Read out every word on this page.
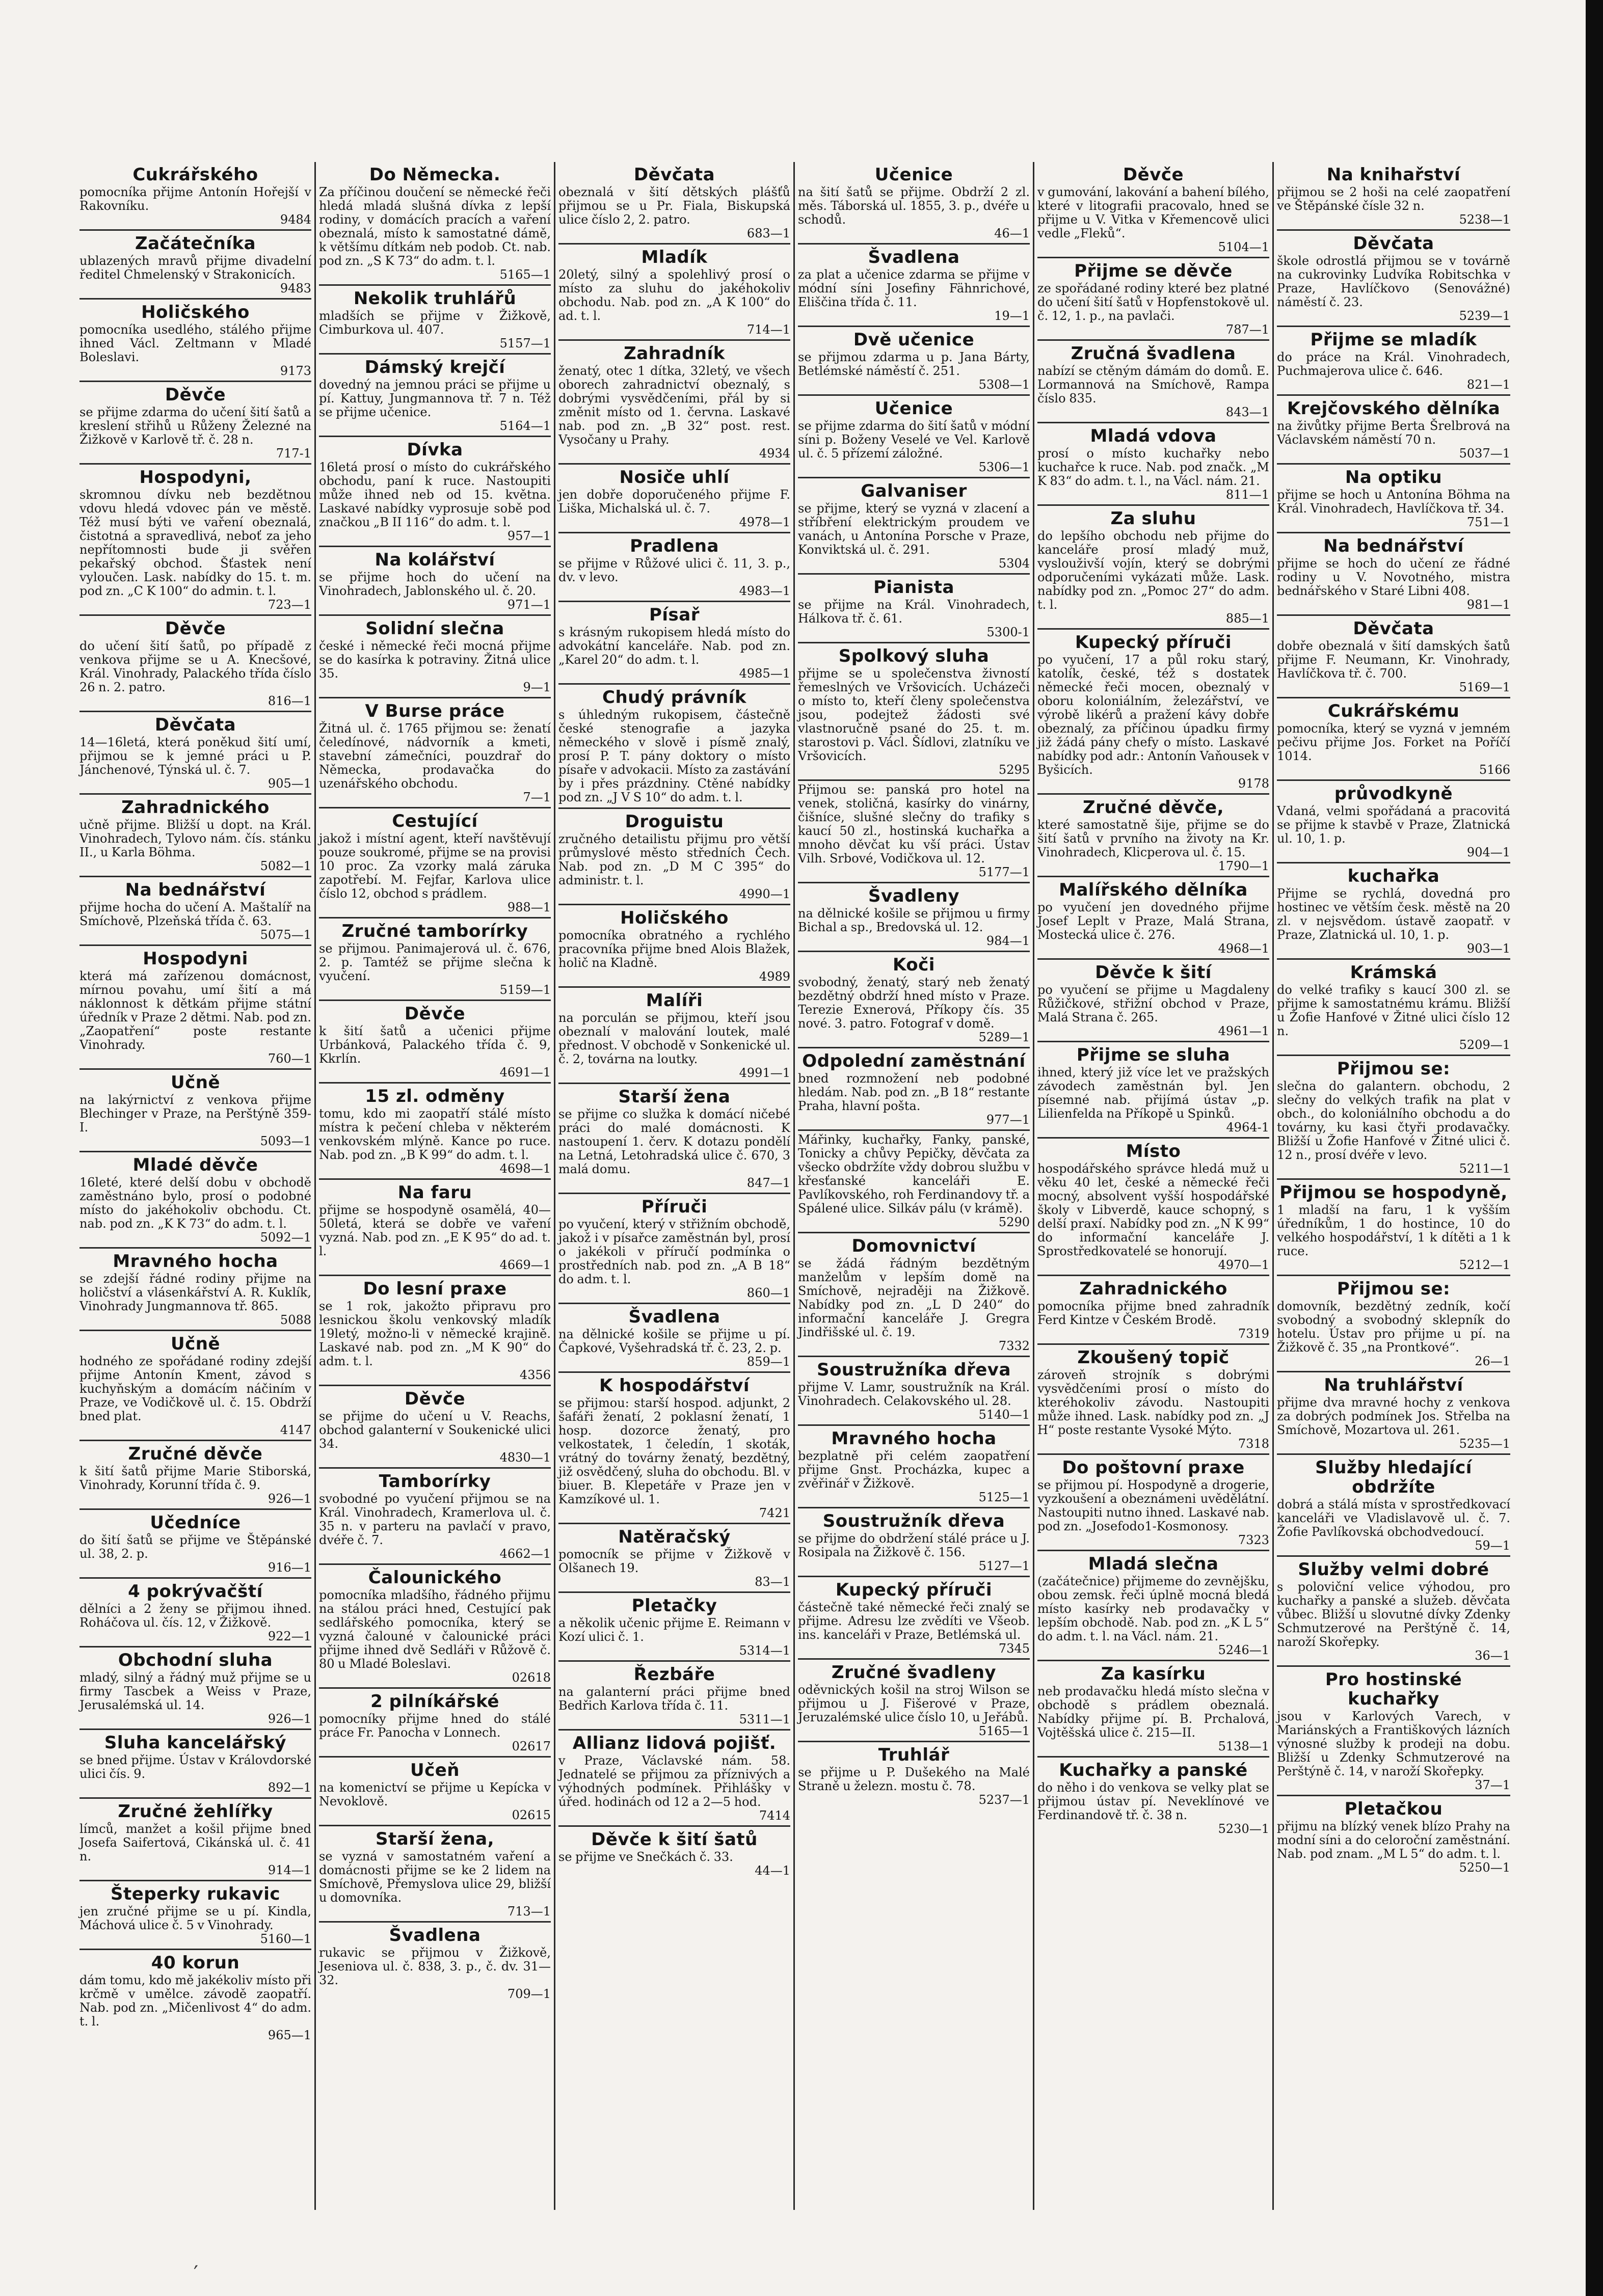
′
Cukrářského

pomocníka přijme Antonín Hořejší v Rakovníku.

9484
Začátečníka

ublazených mravů přijme divadelní ředitel Chmelenský v Strakonicích.

9483
Holičského

pomocníka usedlého, stálého přijme ihned Václ. Zeltmann v Mladé Boleslavi.

9173
Děvče

se přijme zdarma do učení šití šatů a kreslení střihů u Růženy Železné na Žižkově v Karlově tř. č. 28 n.

717-1
Hospodyni,

skromnou dívku neb bezdětnou vdovu hledá vdovec pán ve městě. Též musí býti ve vaření obeznalá, čistotná a spravedlivá, neboť za jeho nepřítomnosti bude ji svěřen pekařský obchod. Šťastek není vyloučen. Lask. nabídky do 15. t. m. pod zn. „C K 100“ do admin. t. l.

723—1
Děvče

do učení šití šatů, po případě z venkova přijme se u A. Knecšové, Král. Vinohrady, Palackého třída číslo 26 n. 2. patro.

816—1
Děvčata

14—16letá, která poněkud šití umí, přijmou se k jemné práci u P. Jánchenové, Týnská ul. č. 7.

905—1
Zahradnického

učně přijme. Bližší u dopt. na Král. Vinohradech, Tylovo nám. čís. stánku II., u Karla Böhma.

5082—1
Na bednářství

přijme hocha do učení A. Maštalíř na Smíchově, Plzeňská třída č. 63.

5075—1
Hospodyni

která má zařízenou domácnost, mírnou povahu, umí šití a má náklonnost k dětkám přijme státní úředník v Praze 2 dětmi. Nab. pod zn. „Zaopatření“ poste restante Vinohrady.

760—1
Učně

na lakýrnictví z venkova přijme Blechinger v Praze, na Perštýně 359-I.

5093—1
Mladé děvče

16leté, které delší dobu v obchodě zaměstnáno bylo, prosí o podobné místo do jakéhokoliv obchodu. Ct. nab. pod zn. „K K 73“ do adm. t. l.

5092—1
Mravného hocha

se zdejší řádné rodiny přijme na holičství a vlásenkářství A. R. Kuklík, Vinohrady Jungmannova tř. 865.

5088
Učně

hodného ze spořádané rodiny zdejší přijme Antonín Kment, závod s kuchyňským a domácím náčiním v Praze, ve Vodičkově ul. č. 15. Obdrží bned plat.

4147
Zručné děvče

k šití šatů přijme Marie Stiborská, Vinohrady, Korunní třída č. 9.

926—1
Učedníce

do šití šatů se přijme ve Štěpánské ul. 38, 2. p.

916—1
4 pokrývačští

dělníci a 2 ženy se přijmou ihned. Roháčova ul. čís. 12, v Žižkově.

922—1
Obchodní sluha

mladý, silný a řádný muž přijme se u firmy Tascbek a Weiss v Praze, Jerusalémská ul. 14.

926—1
Sluha kancelářský

se bned přijme. Ústav v Královdorské ulici čís. 9.

892—1
Zručné žehlířky

límců, manžet a košil přijme bned Josefa Saifertová, Cikánská ul. č. 41 n.

914—1
Šteperky rukavic

jen zručné přijme se u pí. Kindla, Máchová ulice č. 5 v Vinohrady.

5160—1
40 korun

dám tomu, kdo mě jakékoliv místo při krčmě v umělce. závodě zaopatří. Nab. pod zn. „Mičenlivost 4“ do adm. t. l.

965—1
Do Německa.

Za příčinou doučení se německé řeči hledá mladá slušná dívka z lepší rodiny, v domácích pracích a vaření obeznalá, místo k samostatné dámě, k většímu dítkám neb podob. Ct. nab. pod zn. „S K 73“ do adm. t. l.

5165—1
Nekolik truhlářů

mladších se přijme v Žižkově, Cimburkova ul. 407.

5157—1
Dámský krejčí

dovedný na jemnou práci se přijme u pí. Kattuy, Jungmannova tř. 7 n. Též se přijme učenice.

5164—1
Dívka

16letá prosí o místo do cukrářského obchodu, paní k ruce. Nastoupiti může ihned neb od 15. května. Laskavé nabídky vyprosuje sobě pod značkou „B II 116“ do adm. t. l.

957—1
Na kolářství

se přijme hoch do učení na Vinohradech, Jablonského ul. č. 20.

971—1
Solidní slečna

české i německé řeči mocná přijme se do kasírka k potraviny. Žitná ulice 35.

9—1
V Burse práce

Žitná ul. č. 1765 přijmou se: ženatí čeledínové, nádvorník a kmeti, stavební zámečníci, pouzdrař do Německa, prodavačka do uzenářského obchodu.

7—1
Cestující

jakož i místní agent, kteří navštěvují pouze soukromé, přijme se na provisi 10 proc. Za vzorky malá záruka zapotřebí. M. Fejfar, Karlova ulice číslo 12, obchod s prádlem.

988—1
Zručné tamborírky

se přijmou. Panimajerová ul. č. 676, 2. p. Tamtéž se přijme slečna k vyučení.

5159—1
Děvče

k šití šatů a učenici přijme Urbánková, Palackého třída č. 9, Kkrlín.

4691—1
15 zl. odměny

tomu, kdo mi zaopatří stálé místo místra k pečení chleba v některém venkovském mlýně. Kance po ruce. Nab. pod zn. „B K 99“ do adm. t. l.

4698—1
Na faru

přijme se hospodyně osamělá, 40—50letá, která se dobře ve vaření vyzná. Nab. pod zn. „E K 95“ do ad. t. l.

4669—1
Do lesní praxe

se 1 rok, jakožto připravu pro lesnickou školu venkovský mladík 19letý, možno-li v německé krajině. Laskavé nab. pod zn. „M K 90“ do adm. t. l.

4356
Děvče

se přijme do učení u V. Reachs, obchod galanterní v Soukenické ulici 34.

4830—1
Tamborírky

svobodné po vyučení přijmou se na Král. Vinohradech, Kramerlova ul. č. 35 n. v parteru na pavlačí v pravo, dvéře č. 7.

4662—1
Čalounického

pomocníka mladšího, řádného přijmu na stálou práci hned, Cestující pak sedlářského pomocníka, který se vyzná čalouné v čalounické práci přijme ihned dvě Sedláři v Růžově č. 80 u Mladé Boleslavi.

02618
2 pilníkářské

pomocníky přijme hned do stálé práce Fr. Panocha v Lonnech.

02617
Učeň

na komenictví se přijme u Kepícka v Nevoklově.

02615
Starší žena,

se vyzná v samostatném vaření a domácnosti přijme se ke 2 lidem na Smíchově, Přemyslova ulice 29, bližší u domovníka.

713—1
Švadlena

rukavic se přijmou v Žižkově, Jeseniova ul. č. 838, 3. p., č. dv. 31—32.

709—1
Děvčata

obeznalá v šití dětských plášťů přijmou se u Pr. Fiala, Biskupská ulice číslo 2, 2. patro.

683—1
Mladík

20letý, silný a spolehlivý prosí o místo za sluhu do jakéhokoliv obchodu. Nab. pod zn. „A K 100“ do ad. t. l.

714—1
Zahradník

ženatý, otec 1 dítka, 32letý, ve všech oborech zahradnictví obeznalý, s dobrými vysvědčeními, přál by si změnit místo od 1. června. Laskavé nab. pod zn. „B 32“ post. rest. Vysočany u Prahy.

4934
Nosiče uhlí

jen dobře doporučeného přijme F. Liška, Michalská ul. č. 7.

4978—1
Pradlena

se přijme v Růžové ulici č. 11, 3. p., dv. v levo.

4983—1
Písař

s krásným rukopisem hledá místo do advokátní kanceláře. Nab. pod zn. „Karel 20“ do adm. t. l.

4985—1
Chudý právník

s úhledným rukopisem, částečně české stenografie a jazyka německého v slově i písmě znalý, prosí P. T. pány doktory o místo písaře v advokacii. Místo za zastávání by i přes prázdniny. Ctěné nabídky pod zn. „J V S 10“ do adm. t. l.

Droguistu

zručného detailistu přijmu pro větší průmyslové město středních Čech. Nab. pod zn. „D M C 395“ do administr. t. l.

4990—1
Holičského

pomocníka obratného a rychlého pracovníka přijme bned Alois Blažek, holič na Kladně.

4989
Malíři

na porculán se přijmou, kteří jsou obeznalí v malování loutek, malé přednost. V obchodě v Sonkenické ul. č. 2, továrna na loutky.

4991—1
Starší žena

se přijme co služka k domácí ničebé práci do malé domácnosti. K nastoupení 1. červ. K dotazu pondělí na Letná, Letohradská ulice č. 670, 3 malá domu.

847—1
Příruči

po vyučení, který v střižním obchodě, jakož i v písařce zaměstnán byl, prosí o jakékoli v příručí podmínka o prostředních nab. pod zn. „A B 18“ do adm. t. l.

860—1
Švadlena

na dělnické košile se přijme u pí. Čapkové, Vyšehradská tř. č. 23, 2. p.

859—1
K hospodářství

se přijmou: starší hospod. adjunkt, 2 šafáři ženatí, 2 poklasní ženatí, 1 hosp. dozorce ženatý, pro velkostatek, 1 čeledín, 1 skoták, vrátný do továrny ženatý, bezdětný, již osvědčený, sluha do obchodu. Bl. v biuer. B. Klepetáře v Praze jen v Kamzíkové ul. 1.

7421
Natěračský

pomocník se přijme v Žižkově v Olšanech 19.

83—1
Pletačky

a několik učenic přijme E. Reimann v Kozí ulici č. 1.

5314—1
Řezbáře

na galanterní práci přijme bned Bedřich Karlova třída č. 11.

5311—1
Allianz lidová pojišť.

v Praze, Václavské nám. 58. Jednatelé se přijmou za příznivých a výhodných podmínek. Přihlášky v úřed. hodinách od 12 a 2—5 hod.

7414
Děvče k šití šatů

se přijme ve Snečkách č. 33.

44—1
Učenice

na šití šatů se přijme. Obdrží 2 zl. měs. Táborská ul. 1855, 3. p., dvéře u schodů.

46—1
Švadlena

za plat a učenice zdarma se přijme v módní síni Josefiny Fähnrichové, Eliščina třída č. 11.

19—1
Dvě učenice

se přijmou zdarma u p. Jana Bárty, Betlémské náměstí č. 251.

5308—1
Učenice

se přijme zdarma do šití šatů v módní síni p. Boženy Veselé ve Vel. Karlově ul. č. 5 přízemí záložné.

5306—1
Galvaniser

se přijme, který se vyzná v zlacení a stříbření elektrickým proudem ve vanách, u Antonína Porsche v Praze, Konviktská ul. č. 291.

5304
Pianista

se přijme na Král. Vinohradech, Hálkova tř. č. 61.

5300-1
Spolkový sluha

přijme se u společenstva živností řemeslných ve Vršovicích. Ucházeči o místo to, kteří členy společenstva jsou, podejtež žádosti své vlastnoručně psané do 25. t. m. starostovi p. Václ. Šídlovi, zlatníku ve Vršovicích.

5295

Přijmou se: panská pro hotel na venek, stoličná, kasírky do vinárny, čišníce, slušné slečny do trafiky s kaucí 50 zl., hostinská kuchařka a mnoho děvčat ku vší práci. Ústav Vilh. Srbové, Vodičkova ul. 12.

5177—1
Švadleny

na dělnické košile se přijmou u firmy Bichal a sp., Bredovská ul. 12.

984—1
Koči

svobodný, ženatý, starý neb ženatý bezdětný obdrží hned místo v Praze. Terezie Exnerová, Příkopy čís. 35 nové. 3. patro. Fotograf v domě.

5289—1
Odpolední zaměstnání

bned rozmnožení neb podobné hledám. Nab. pod zn. „B 18“ restante Praha, hlavní pošta.

977—1

Mářinky, kuchařky, Fanky, panské, Tonicky a chůvy Pepičky, děvčata za všecko obdržíte vždy dobrou službu v křesťanské kanceláři E. Pavlíkovského, roh Ferdinandovy tř. a Spálené ulice. Silkáv pálu (v krámě).

5290
Domovnictví

se žádá řádným bezdětným manželům v lepším domě na Smíchově, nejraději na Žižkově. Nabídky pod zn. „L D 240“ do informační kanceláře J. Gregra Jindřišské ul. č. 19.

7332
Soustružníka dřeva

přijme V. Lamr, soustružník na Král. Vinohradech. Celakovského ul. 28.

5140—1
Mravného hocha

bezplatně při celém zaopatření přijme Gnst. Procházka, kupec a zvěřinář v Žižkově.

5125—1
Soustružník dřeva

se přijme do obdržení stálé práce u J. Rosipala na Žižkově č. 156.

5127—1
Kupecký příruči

částečně také německé řeči znalý se přijme. Adresu lze zvědíti ve Všeob. ins. kanceláři v Praze, Betlémská ul.

7345
Zručné švadleny

oděvnických košil na stroj Wilson se přijmou u J. Fišerové v Praze, Jeruzalémské ulice číslo 10, u Jeřábů.

5165—1
Truhlář

se přijme u P. Dušekého na Malé Straně u železn. mostu č. 78.

5237—1
Děvče

v gumování, lakování a bahení bílého, které v litografii pracovalo, hned se přijme u V. Vitka v Křemencově ulici vedle „Fleků“.

5104—1
Přijme se děvče

ze spořádané rodiny které bez platné do učení šití šatů v Hopfenstokově ul. č. 12, 1. p., na pavlači.

787—1
Zručná švadlena

nabízí se ctěným dámám do domů. E. Lormannová na Smíchově, Rampa číslo 835.

843—1
Mladá vdova

prosí o místo kuchařky nebo kuchařce k ruce. Nab. pod značk. „M K 83“ do adm. t. l., na Václ. nám. 21.

811—1
Za sluhu

do lepšího obchodu neb přijme do kanceláře prosí mladý muž, vyslouživší vojín, který se dobrými odporučeními vykázati může. Lask. nabídky pod zn. „Pomoc 27“ do adm. t. l.

885—1
Kupecký příruči

po vyučení, 17 a půl roku starý, katolík, české, též s dostatek německé řeči mocen, obeznalý v oboru koloniálním, železářství, ve výrobě likérů a pražení kávy dobře obeznalý, za příčinou úpadku firmy již žádá pány chefy o místo. Laskavé nabídky pod adr.: Antonín Vaňousek v Byšicích.

9178
Zručné děvče,

které samostatně šije, přijme se do šití šatů v prvního na životy na Kr. Vinohradech, Klicperova ul. č. 15.

1790—1
Malířského dělníka

po vyučení jen dovedného přijme Josef Leplt v Praze, Malá Strana, Mostecká ulice č. 276.

4968—1
Děvče k šití

po vyučení se přijme u Magdaleny Růžičkové, střižní obchod v Praze, Malá Strana č. 265.

4961—1
Přijme se sluha

ihned, který již více let ve pražských závodech zaměstnán byl. Jen písemné nab. přijímá ústav „p. Lilienfelda na Příkopě u Spinků.

4964-1
Místo

hospodářského správce hledá muž u věku 40 let, české a německé řeči mocný, absolvent vyšší hospodářské školy v Libverdě, kauce schopný, s delší praxí. Nabídky pod zn. „N K 99“ do informační kanceláře J. Sprostředkovatelé se honorují.

4970—1
Zahradnického

pomocníka přijme bned zahradník Ferd Kintze v Českém Brodě.

7319
Zkoušený topič

zároveň strojník s dobrými vysvědčeními prosí o místo do kteréhokoliv závodu. Nastoupiti může ihned. Lask. nabídky pod zn. „J H“ poste restante Vysoké Mýto.

7318
Do poštovní praxe

se přijmou pí. Hospodyně a drogerie, vyzkoušení a obeznámeni uvědělátní. Nastoupiti nutno ihned. Laskavé nab. pod zn. „Josefodo1-Kosmonosy.

7323
Mladá slečna

(začátečnice) přijmeme do zevnějšku, obou zemsk. řeči úplně mocná bledá místo kasírky neb prodavačky v lepším obchodě. Nab. pod zn. „K L 5“ do adm. t. l. na Václ. nám. 21.

5246—1
Za kasírku

neb prodavačku hledá místo slečna v obchodě s prádlem obeznalá. Nabídky přijme pí. B. Prchalová, Vojtěšská ulice č. 215—II.

5138—1
Kuchařky a panské

do něho i do venkova se velky plat se přijmou ústav pí. Neveklínové ve Ferdinandově tř. č. 38 n.

5230—1
Na knihařství

přijmou se 2 hoši na celé zaopatření ve Štěpánské čísle 32 n.

5238—1
Děvčata

škole odrostlá přijmou se v továrně na cukrovinky Ludvíka Robitschka v Praze, Havlíčkovo (Senovážné) náměstí č. 23.

5239—1
Přijme se mladík

do práce na Král. Vinohradech, Puchmajerova ulice č. 646.

821—1
Krejčovského dělníka

na živůtky přijme Berta Šrelbrová na Václavském náměstí 70 n.

5037—1
Na optiku

přijme se hoch u Antonína Böhma na Král. Vinohradech, Havlíčkova tř. 34.

751—1
Na bednářství

přijme se hoch do učení ze řádné rodiny u V. Novotného, mistra bednářského v Staré Libni 408.

981—1
Děvčata

dobře obeznalá v šití damských šatů přijme F. Neumann, Kr. Vinohrady, Havlíčkova tř. č. 700.

5169—1
Cukrářskému

pomocníka, který se vyzná v jemném pečivu přijme Jos. Forket na Poříčí 1014.

5166
průvodkyně

Vdaná, velmi spořádaná a pracovitá se přijme k stavbě v Praze, Zlatnická ul. 10, 1. p.

904—1
kuchařka

Přijme se rychlá, dovedná pro hostinec ve větším česk. městě na 20 zl. v nejsvědom. ústavě zaopatř. v Praze, Zlatnická ul. 10, 1. p.

903—1
Krámská

do velké trafiky s kaucí 300 zl. se přijme k samostatnému krámu. Bližší u Žofie Hanfové v Žitné ulici číslo 12 n.

5209—1
Přijmou se:

slečna do galantern. obchodu, 2 slečny do velkých trafik na plat v obch., do koloniálního obchodu a do továrny, ku kasi čtyři prodavačky. Bližší u Žofie Hanfové v Žitné ulici č. 12 n., prosí dvéře v levo.

5211—1
Přijmou se hospodyně,

1 mladší na faru, 1 k vyšším úředníkům, 1 do hostince, 10 do velkého hospodářství, 1 k dítěti a 1 k ruce.

5212—1
Přijmou se:

domovník, bezdětný zedník, kočí svobodný a svobodný sklepník do hotelu. Ústav pro přijme u pí. na Žižkově č. 35 „na Prontkové“.

26—1
Na truhlářství

přijme dva mravné hochy z venkova za dobrých podmínek Jos. Střelba na Smíchově, Mozartova ul. 261.

5235—1
Služby hledající obdržíte

dobrá a stálá místa v sprostředkovací kanceláři ve Vladislavově ul. č. 7. Žofie Pavlíkovská obchodvedoucí.

59—1
Služby velmi dobré

s poloviční velice výhodou, pro kuchařky a panské a služeb. děvčata vůbec. Bližší u slovutné dívky Zdenky Schmutzerové na Perštýně č. 14, naroží Skořepky.

36—1
Pro hostinské kuchařky

jsou v Karlových Varech, v Mariánských a Františkových lázních výnosné služby k prodeji na dobu. Bližší u Zdenky Schmutzerové na Perštýně č. 14, v naroží Skořepky.

37—1
Pletačkou

přijmu na blízký venek blízo Prahy na modní síni a do celoroční zaměstnání. Nab. pod znam. „M L 5“ do adm. t. l.

5250—1
